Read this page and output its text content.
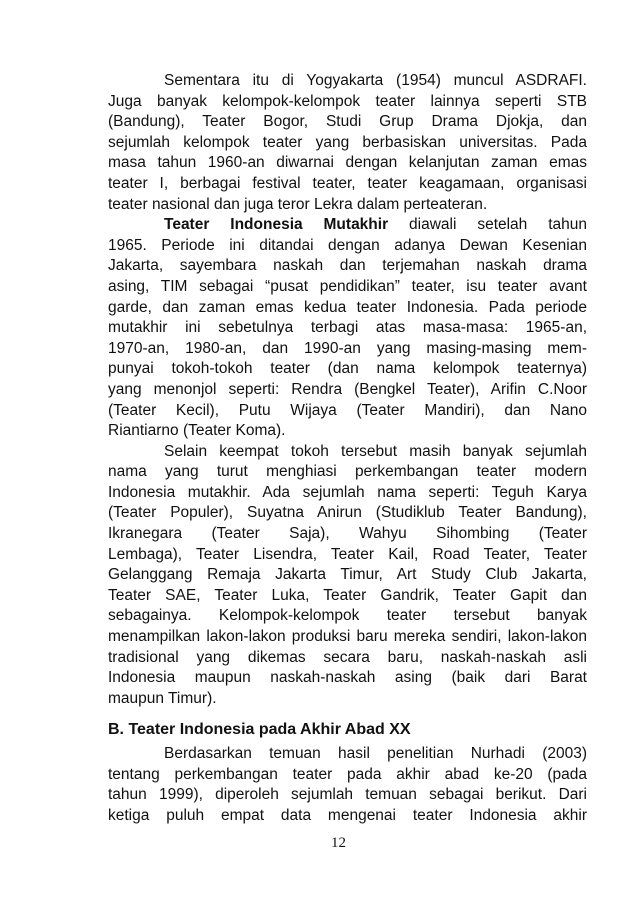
Sementara itu di Yogyakarta (1954) muncul ASDRAFI.
Juga banyak kelompok-kelompok teater lainnya seperti STB
(Bandung), Teater Bogor, Studi Grup Drama Djokja, dan
sejumlah kelompok teater yang berbasiskan universitas. Pada
masa tahun 1960-an diwarnai dengan kelanjutan zaman emas
teater I, berbagai festival teater, teater keagamaan, organisasi
teater nasional dan juga teror Lekra dalam perteateran.
Teater Indonesia Mutakhir diawali setelah tahun
1965. Periode ini ditandai dengan adanya Dewan Kesenian
Jakarta, sayembara naskah dan terjemahan naskah drama
asing, TIM sebagai “pusat pendidikan” teater, isu teater avant
garde, dan zaman emas kedua teater Indonesia. Pada periode
mutakhir ini sebetulnya terbagi atas masa-masa: 1965-an,
1970-an, 1980-an, dan 1990-an yang masing-masing mem-
punyai tokoh-tokoh teater (dan nama kelompok teaternya)
yang menonjol seperti: Rendra (Bengkel Teater), Arifin C.Noor
(Teater Kecil), Putu Wijaya (Teater Mandiri), dan Nano
Riantiarno (Teater Koma).
Selain keempat tokoh tersebut masih banyak sejumlah
nama yang turut menghiasi perkembangan teater modern
Indonesia mutakhir. Ada sejumlah nama seperti: Teguh Karya
(Teater Populer), Suyatna Anirun (Studiklub Teater Bandung),
Ikranegara (Teater Saja), Wahyu Sihombing (Teater
Lembaga), Teater Lisendra, Teater Kail, Road Teater, Teater
Gelanggang Remaja Jakarta Timur, Art Study Club Jakarta,
Teater SAE, Teater Luka, Teater Gandrik, Teater Gapit dan
sebagainya. Kelompok-kelompok teater tersebut banyak
menampilkan lakon-lakon produksi baru mereka sendiri, lakon-lakon
tradisional yang dikemas secara baru, naskah-naskah asli
Indonesia maupun naskah-naskah asing (baik dari Barat
maupun Timur).
B. Teater Indonesia pada Akhir Abad XX
Berdasarkan temuan hasil penelitian Nurhadi (2003)
tentang perkembangan teater pada akhir abad ke-20 (pada
tahun 1999), diperoleh sejumlah temuan sebagai berikut. Dari
ketiga puluh empat data mengenai teater Indonesia akhir
12
